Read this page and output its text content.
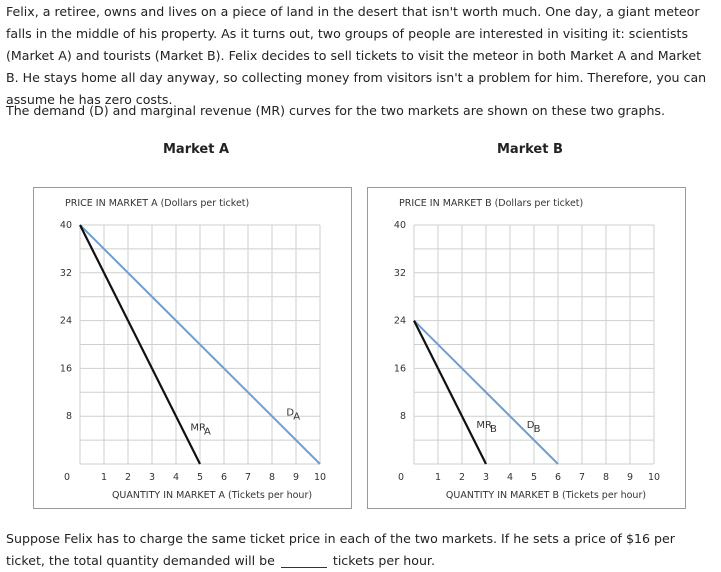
Felix, a retiree, owns and lives on a piece of land in the desert that isn't worth much. One day, a giant meteor falls in the middle of his property. As it turns out, two groups of people are interested in visiting it: scientists (Market A) and tourists (Market B). Felix decides to sell tickets to visit the meteor in both Market A and Market B. He stays home all day anyway, so collecting money from visitors isn't a problem for him. Therefore, you can assume he has zero costs.

The demand (D) and marginal revenue (MR) curves for the two markets are shown on these two graphs.

Market A	Market B
PRICE IN MARKET A (Dollars per ticket)
QUANTITY IN MARKET A (Tickets per hour)
8
16
24
32
40
0	1 2 3 4 5 6 7 8 9 10
D A
MR
A
PRICE IN MARKET B (Dollars per ticket)
QUANTITY IN MARKET B (Tickets per hour)
8
16
24
32
40
0	1 2 3 4 5 6 7 8 9 10
D B
MR
B

Suppose Felix has to charge the same ticket price in each of the two markets. If he sets a price of $16 per ticket, the total quantity demanded will be	tickets per hour.
